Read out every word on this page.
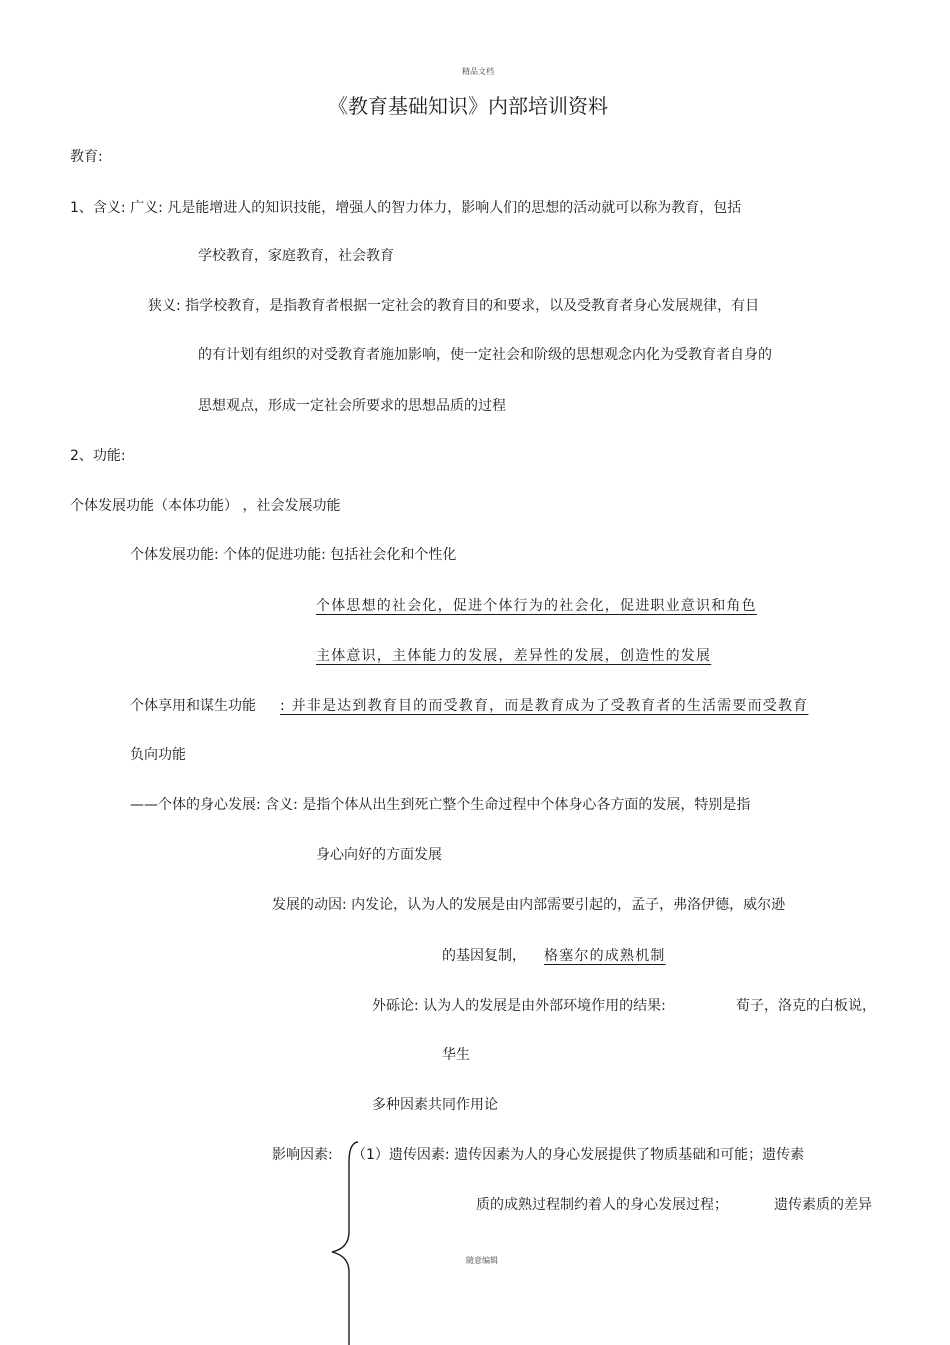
精品文档
《教育基础知识》内部培训资料
教育:
1、含义: 广义: 凡是能增进人的知识技能，增强人的智力体力，影响人们的思想的活动就可以称为教育，包括
学校教育，家庭教育，社会教育
狭义: 指学校教育，是指教育者根据一定社会的教育目的和要求，以及受教育者身心发展规律，有目
的有计划有组织的对受教育者施加影响，使一定社会和阶级的思想观念内化为受教育者自身的
思想观点，形成一定社会所要求的思想品质的过程
2、功能:
个体发展功能（本体功能） ，社会发展功能
个体发展功能: 个体的促进功能: 包括社会化和个性化
个体思想的社会化，促进个体行为的社会化，促进职业意识和角色
主体意识，主体能力的发展，差异性的发展，创造性的发展
个体享用和谋生功能 : 并非是达到教育目的而受教育，而是教育成为了受教育者的生活需要而受教育
负向功能
——个体的身心发展: 含义: 是指个体从出生到死亡整个生命过程中个体身心各方面的发展，特别是指
身心向好的方面发展
发展的动因: 内发论，认为人的发展是由内部需要引起的，孟子，弗洛伊德，威尔逊
的基因复制， 格塞尔的成熟机制
外砾论: 认为人的发展是由外部环境作用的结果:	荀子，洛克的白板说，
华生
多种因素共同作用论
影响因素: （1）遗传因素: 遗传因素为人的身心发展提供了物质基础和可能；遗传素
质的成熟过程制约着人的身心发展过程；	遗传素质的差异
随意编辑
